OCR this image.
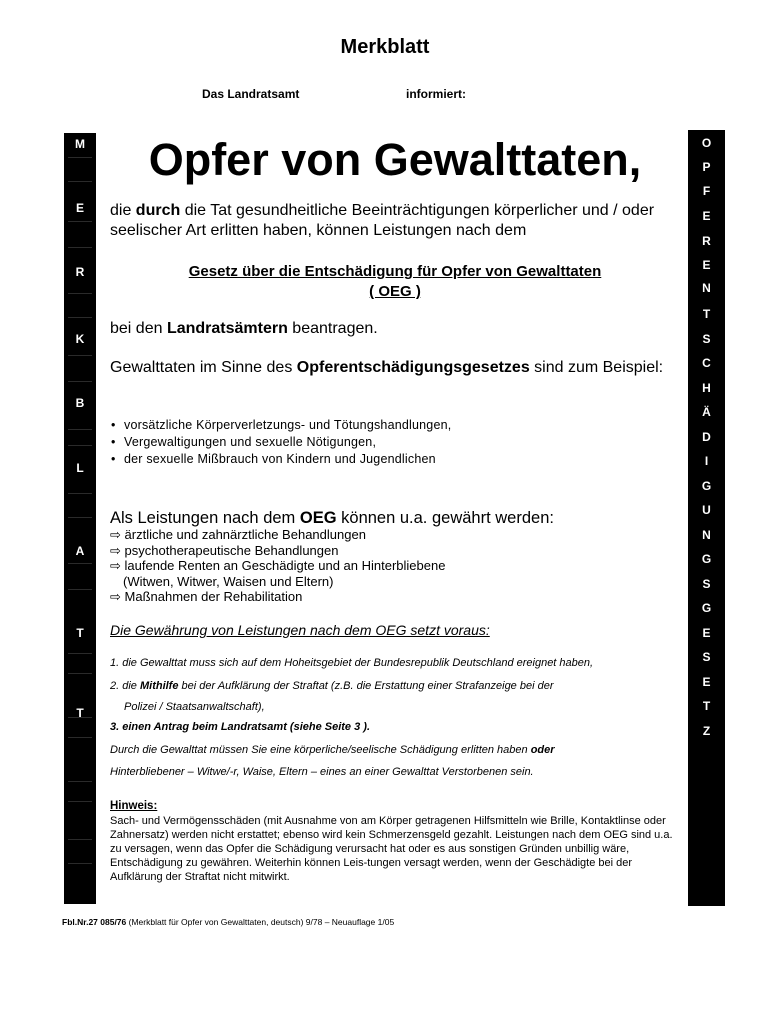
Merkblatt
Das Landratsamt	informiert:
M
E
R
K
B
L
A
T
T
O
P
F
E
R
E
N
T
S
C
H
Ä
D
I
G
U
N
G
S
G
E
S
E
T
Z
Opfer von Gewalttaten,
die durch die Tat gesundheitliche Beeinträchtigungen körperlicher und / oder seelischer Art erlitten haben, können Leistungen nach dem
Gesetz über die Entschädigung für Opfer von Gewalttaten
( OEG )
bei den Landratsämtern beantragen.
Gewalttaten im Sinne des Opferentschädigungsgesetzes sind zum Beispiel:
• vorsätzliche Körperverletzungs- und Tötungshandlungen,
• Vergewaltigungen und sexuelle Nötigungen,
• der sexuelle Mißbrauch von Kindern und Jugendlichen
Als Leistungen nach dem OEG können u.a. gewährt werden:
⇨ ärztliche und zahnärztliche Behandlungen
⇨ psychotherapeutische Behandlungen
⇨ laufende Renten an Geschädigte und an Hinterbliebene
(Witwen, Witwer, Waisen und Eltern)
⇨ Maßnahmen der Rehabilitation
Die Gewährung von Leistungen nach dem OEG setzt voraus:
1. die Gewalttat muss sich auf dem Hoheitsgebiet der Bundesrepublik Deutschland ereignet haben,
2. die Mithilfe bei der Aufklärung der Straftat (z.B. die Erstattung einer Strafanzeige bei der
Polizei / Staatsanwaltschaft),
3. einen Antrag beim Landratsamt (siehe Seite 3 ).
Durch die Gewalttat müssen Sie eine körperliche/seelische Schädigung erlitten haben oder
Hinterbliebener – Witwe/-r, Waise, Eltern – eines an einer Gewalttat Verstorbenen sein.
Hinweis:
Sach- und Vermögensschäden (mit Ausnahme von am Körper getragenen Hilfsmitteln wie Brille, Kontaktlinse oder Zahnersatz) werden nicht erstattet; ebenso wird kein Schmerzensgeld gezahlt. Leistungen nach dem OEG sind u.a. zu versagen, wenn das Opfer die Schädigung verursacht hat oder es aus sonstigen Gründen unbillig wäre, Entschädigung zu gewähren. Weiterhin können Leis-tungen versagt werden, wenn der Geschädigte bei der Aufklärung der Straftat nicht mitwirkt.
Fbl.Nr.27 085/76 (Merkblatt für Opfer von Gewalttaten, deutsch) 9/78 – Neuauflage 1/05
